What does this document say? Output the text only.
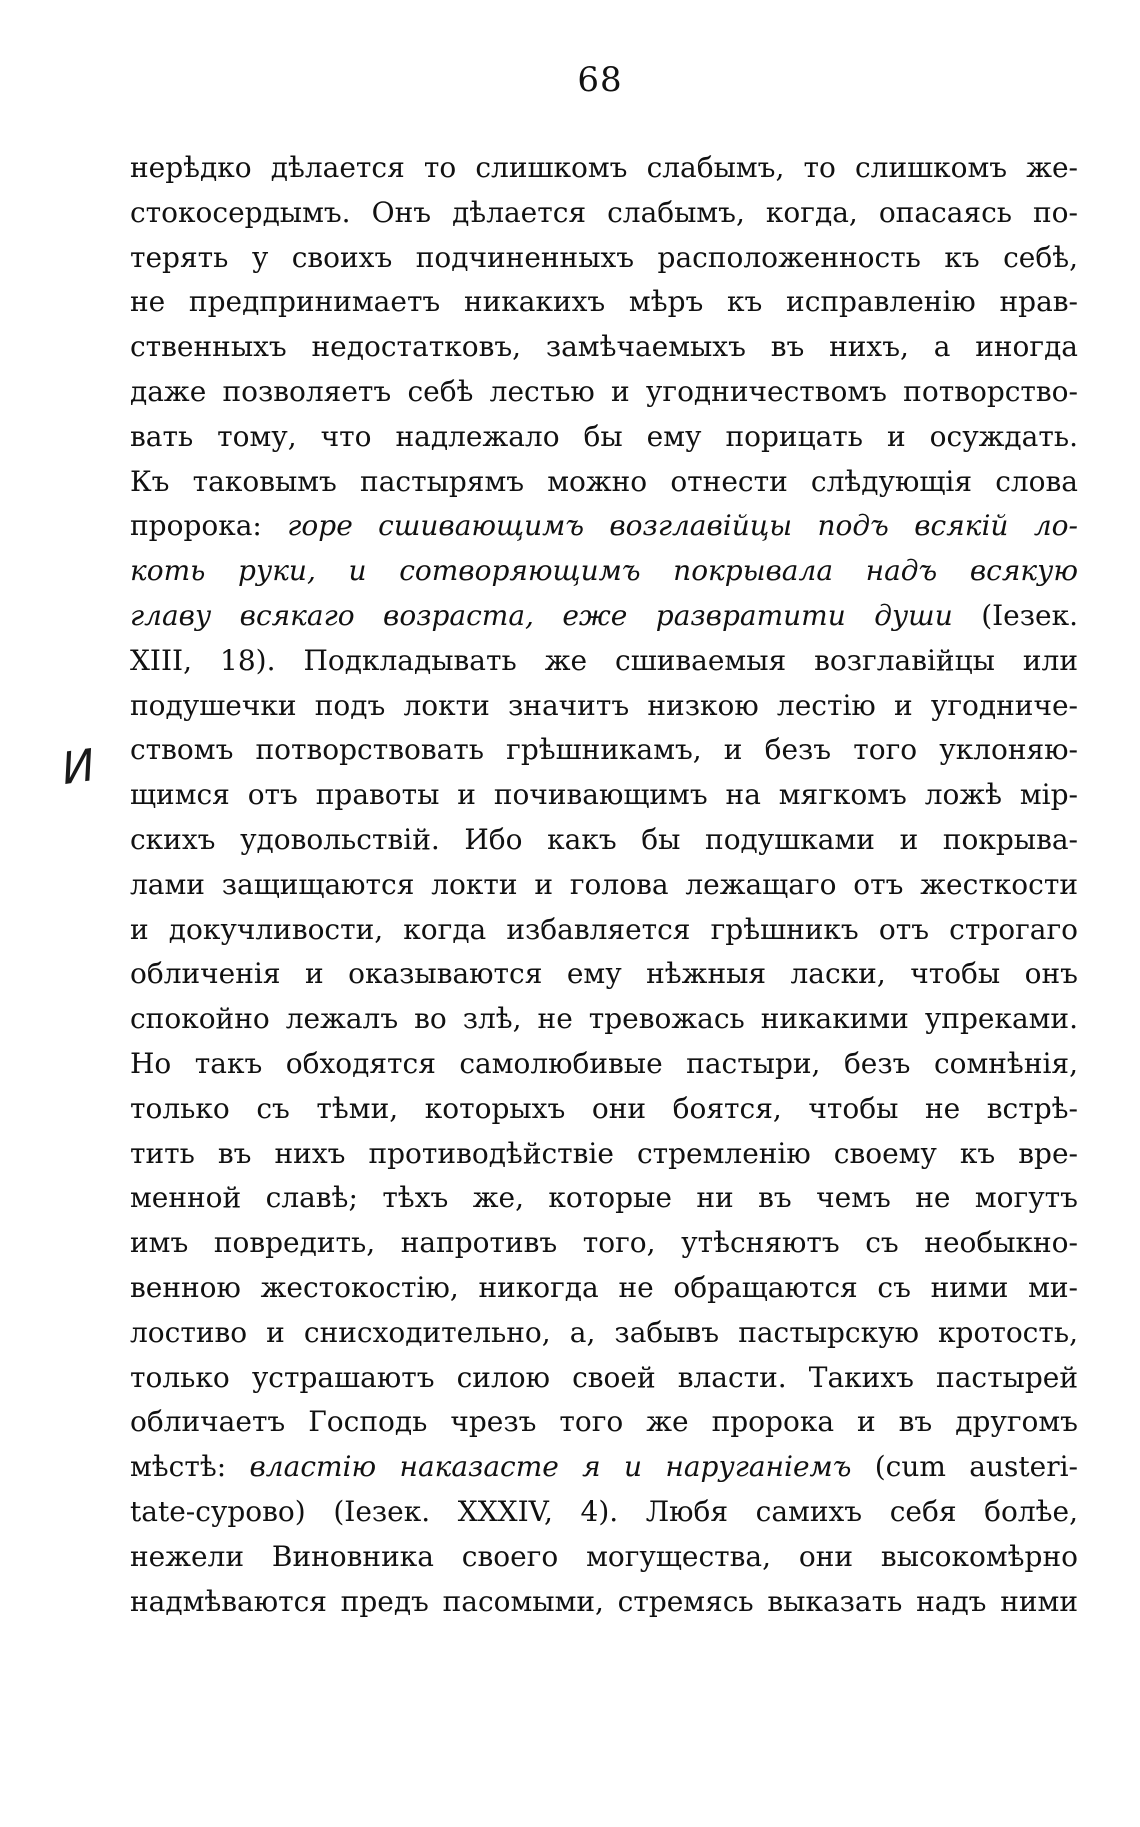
68
И
нерѣдко дѣлается то слишкомъ слабымъ, то слишкомъ же-
стокосердымъ. Онъ дѣлается слабымъ, когда, опасаясь по-
терять у своихъ подчиненныхъ расположенность къ себѣ,
не предпринимаетъ никакихъ мѣръ къ исправленію нрав-
ственныхъ недостатковъ, замѣчаемыхъ въ нихъ, а иногда
даже позволяетъ себѣ лестью и угодничествомъ потворство-
вать тому, что надлежало бы ему порицать и осуждать.
Къ таковымъ пастырямъ можно отнести слѣдующія слова
пророка: горе сшивающимъ возглавійцы подъ всякій ло-
коть руки, и сотворяющимъ покрывала надъ всякую
главу всякаго возраста, еже развратити души (Іезек.
XIII, 18). Подкладывать же сшиваемыя возглавійцы или
подушечки подъ локти значитъ низкою лестію и угодниче-
ствомъ потворствовать грѣшникамъ, и безъ того уклоняю-
щимся отъ правоты и почивающимъ на мягкомъ ложѣ мір-
скихъ удовольствій. Ибо какъ бы подушками и покрыва-
лами защищаются локти и голова лежащаго отъ жесткости
и докучливости, когда избавляется грѣшникъ отъ строгаго
обличенія и оказываются ему нѣжныя ласки, чтобы онъ
спокойно лежалъ во злѣ, не тревожась никакими упреками.
Но такъ обходятся самолюбивые пастыри, безъ сомнѣнія,
только съ тѣми, которыхъ они боятся, чтобы не встрѣ-
тить въ нихъ противодѣйствіе стремленію своему къ вре-
менной славѣ; тѣхъ же, которые ни въ чемъ не могутъ
имъ повредить, напротивъ того, утѣсняютъ съ необыкно-
венною жестокостію, никогда не обращаются съ ними ми-
лостиво и снисходительно, а, забывъ пастырскую кротость,
только устрашаютъ силою своей власти. Такихъ пастырей
обличаетъ Господь чрезъ того же пророка и въ другомъ
мѣстѣ: властію наказасте я и наруганіемъ (cum austeri-
tate-сурово) (Іезек. XXXIV, 4). Любя самихъ себя болѣе,
нежели Виновника своего могущества, они высокомѣрно
надмѣваются предъ пасомыми, стремясь выказать надъ ними
